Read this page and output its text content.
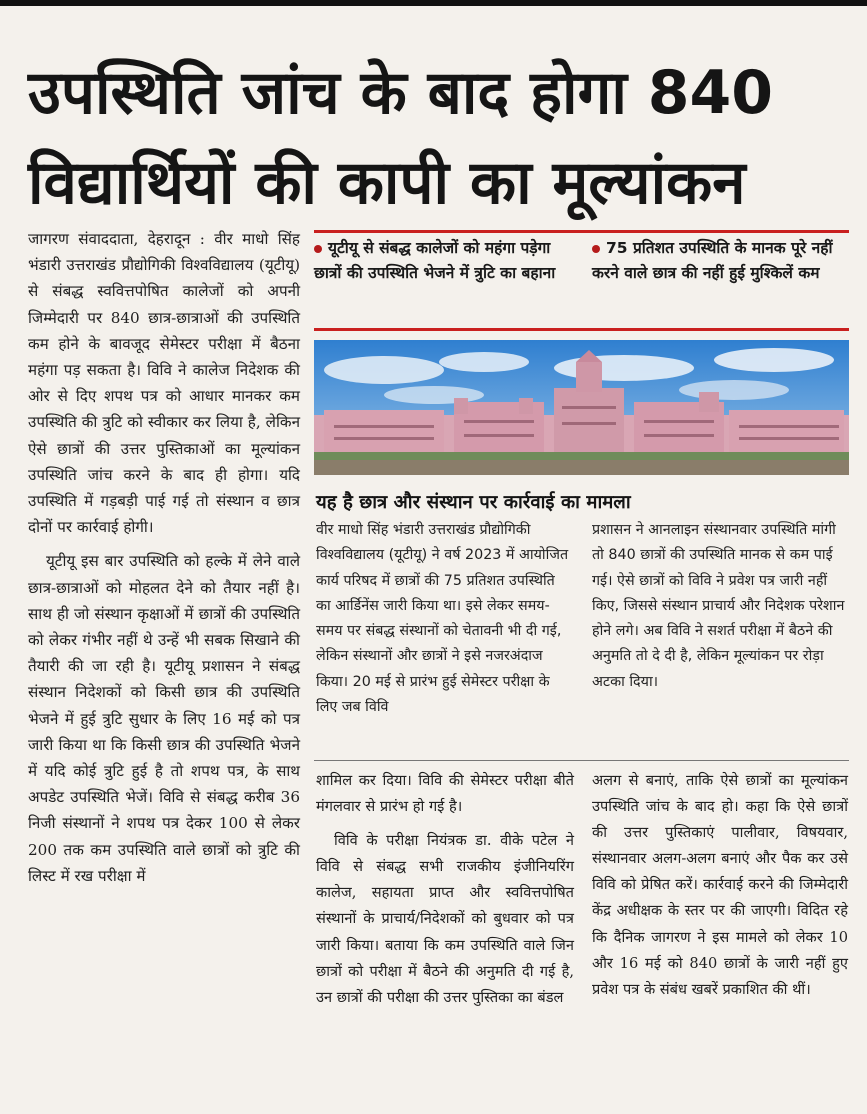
उपस्थिति जांच के बाद होगा 840
विद्यार्थियों की कापी का मूल्यांकन

जागरण संवाददाता, देहरादून : वीर माधो सिंह भंडारी उत्तराखंड प्रौद्योगिकी विश्वविद्यालय (यूटीयू) से संबद्ध स्ववित्तपोषित कालेजों को अपनी जिम्मेदारी पर 840 छात्र-छात्राओं की उपस्थिति कम होने के बावजूद सेमेस्टर परीक्षा में बैठना महंगा पड़ सकता है। विवि ने कालेज निदेशक की ओर से दिए शपथ पत्र को आधार मानकर कम उपस्थिति की त्रुटि को स्वीकार कर लिया है, लेकिन ऐसे छात्रों की उत्तर पुस्तिकाओं का मूल्यांकन उपस्थिति जांच करने के बाद ही होगा। यदि उपस्थिति में गड़बड़ी पाई गई तो संस्थान व छात्र दोनों पर कार्रवाई होगी।

यूटीयू इस बार उपस्थिति को हल्के में लेने वाले छात्र-छात्राओं को मोहलत देने को तैयार नहीं है। साथ ही जो संस्थान कृक्षाओं में छात्रों की उपस्थिति को लेकर गंभीर नहीं थे उन्हें भी सबक सिखाने की तैयारी की जा रही है। यूटीयू प्रशासन ने संबद्ध संस्थान निदेशकों को किसी छात्र की उपस्थिति भेजने में हुई त्रुटि सुधार के लिए 16 मई को पत्र जारी किया था कि किसी छात्र की उपस्थिति भेजने में यदि कोई त्रुटि हुई है तो शपथ पत्र, के साथ अपडेट उपस्थिति भेजें। विवि से संबद्ध करीब 36 निजी संस्थानों ने शपथ पत्र देकर 100 से लेकर 200 तक कम उपस्थिति वाले छात्रों को त्रुटि की लिस्ट में रख परीक्षा में

यूटीयू से संबद्ध कालेजों को महंगा पड़ेगा छात्रों की उपस्थिति भेजने में त्रुटि का बहाना
75 प्रतिशत उपस्थिति के मानक पूरे नहीं करने वाले छात्र की नहीं हुई मुश्किलें कम
यह है छात्र और संस्थान पर कार्रवाई का मामला

वीर माधो सिंह भंडारी उत्तराखंड प्रौद्योगिकी विश्वविद्यालय (यूटीयू) ने वर्ष 2023 में आयोजित कार्य परिषद में छात्रों की 75 प्रतिशत उपस्थिति का आर्डिनेंस जारी किया था। इसे लेकर समय-समय पर संबद्ध संस्थानों को चेतावनी भी दी गई, लेकिन संस्थानों और छात्रों ने इसे नजरअंदाज किया। 20 मई से प्रारंभ हुई सेमेस्टर परीक्षा के लिए जब विवि

प्रशासन ने आनलाइन संस्थानवार उपस्थिति मांगी तो 840 छात्रों की उपस्थिति मानक से कम पाई गई। ऐसे छात्रों को विवि ने प्रवेश पत्र जारी नहीं किए, जिससे संस्थान प्राचार्य और निदेशक परेशान होने लगे। अब विवि ने सशर्त परीक्षा में बैठने की अनुमति तो दे दी है, लेकिन मूल्यांकन पर रोड़ा अटका दिया।

शामिल कर दिया। विवि की सेमेस्टर परीक्षा बीते मंगलवार से प्रारंभ हो गई है।

विवि के परीक्षा नियंत्रक डा. वीके पटेल ने विवि से संबद्ध सभी राजकीय इंजीनियरिंग कालेज, सहायता प्राप्त और स्ववित्तपोषित संस्थानों के प्राचार्य/निदेशकों को बुधवार को पत्र जारी किया। बताया कि कम उपस्थिति वाले जिन छात्रों को परीक्षा में बैठने की अनुमति दी गई है, उन छात्रों की परीक्षा की उत्तर पुस्तिका का बंडल

अलग से बनाएं, ताकि ऐसे छात्रों का मूल्यांकन उपस्थिति जांच के बाद हो। कहा कि ऐसे छात्रों की उत्तर पुस्तिकाएं पालीवार, विषयवार, संस्थानवार अलग-अलग बनाएं और पैक कर उसे विवि को प्रेषित करें। कार्रवाई करने की जिम्मेदारी केंद्र अधीक्षक के स्तर पर की जाएगी। विदित रहे कि दैनिक जागरण ने इस मामले को लेकर 10 और 16 मई को 840 छात्रों के जारी नहीं हुए प्रवेश पत्र के संबंध खबरें प्रकाशित की थीं।
